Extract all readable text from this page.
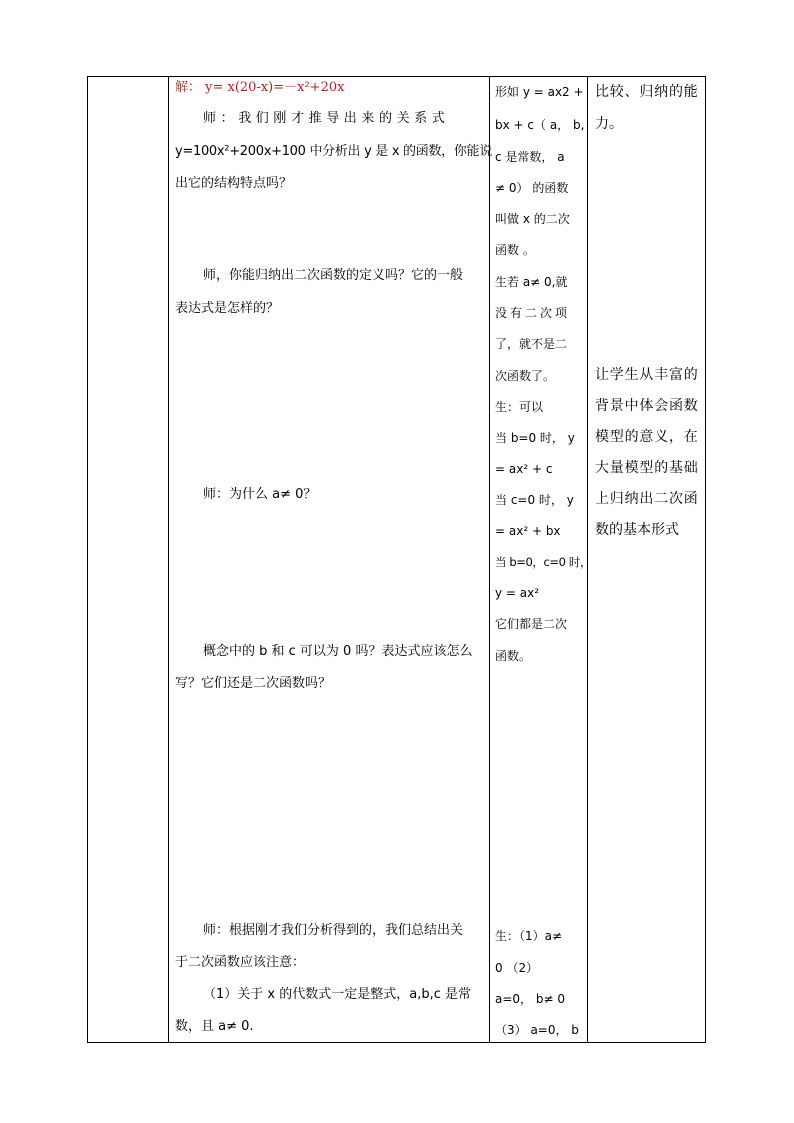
解： y= x(20-x)=－x²+20x
师：我们刚才推导出来的关系式
y=100x²+200x+100 中分析出 y 是 x 的函数，你能说
出它的结构特点吗？
师，你能归纳出二次函数的定义吗？它的一般
表达式是怎样的？
师：为什么 a≠ 0？
概念中的 b 和 c 可以为 0 吗？表达式应该怎么
写？它们还是二次函数吗？
师：根据刚才我们分析得到的，我们总结出关
于二次函数应该注意：
（1）关于 x 的代数式一定是整式，a,b,c 是常
数，且 a≠ 0.
形如 y = ax2 +
bx + c（ a， b,
c 是常数， a
≠ 0） 的函数
叫做 x 的二次
函数 。
生若 a≠ 0,就
没有二次项
了，就不是二
次函数了。
生：可以
当 b=0 时， y
= ax² + c
当 c=0 时， y
= ax² + bx
当 b=0，c=0 时，
y = ax²
它们都是二次
函数。
生：（1）a≠
0 （2）
a=0， b≠ 0
（3） a=0， b
比较、归纳的能
力。
让学生从丰富的
背景中体会函数
模型的意义，在
大量模型的基础
上归纳出二次函
数的基本形式
